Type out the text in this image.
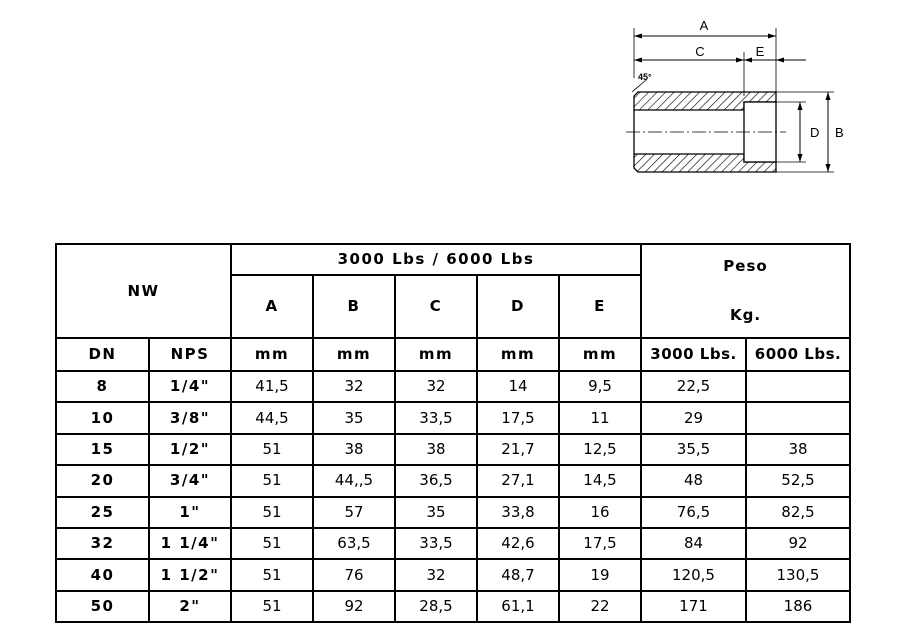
A
C	E
45°
D B
NW		3000 Lbs / 6000 Lbs					Peso
Kg.	

		A	B	C	D	E		
DN	NPS	mm	mm	mm	mm	mm	3000 Lbs.	6000 Lbs.
8	1/4"	41,5	32	32	14	9,5	22,5	
10	3/8"	44,5	35	33,5	17,5	11	29	
15	1/2"	51	38	38	21,7	12,5	35,5	38
20	3/4"	51	44,,5	36,5	27,1	14,5	48	52,5
25	1"	51	57	35	33,8	16	76,5	82,5
32	1 1/4"	51	63,5	33,5	42,6	17,5	84	92
40	1 1/2"	51	76	32	48,7	19	120,5	130,5
50	2"	51	92	28,5	61,1	22	171	186
